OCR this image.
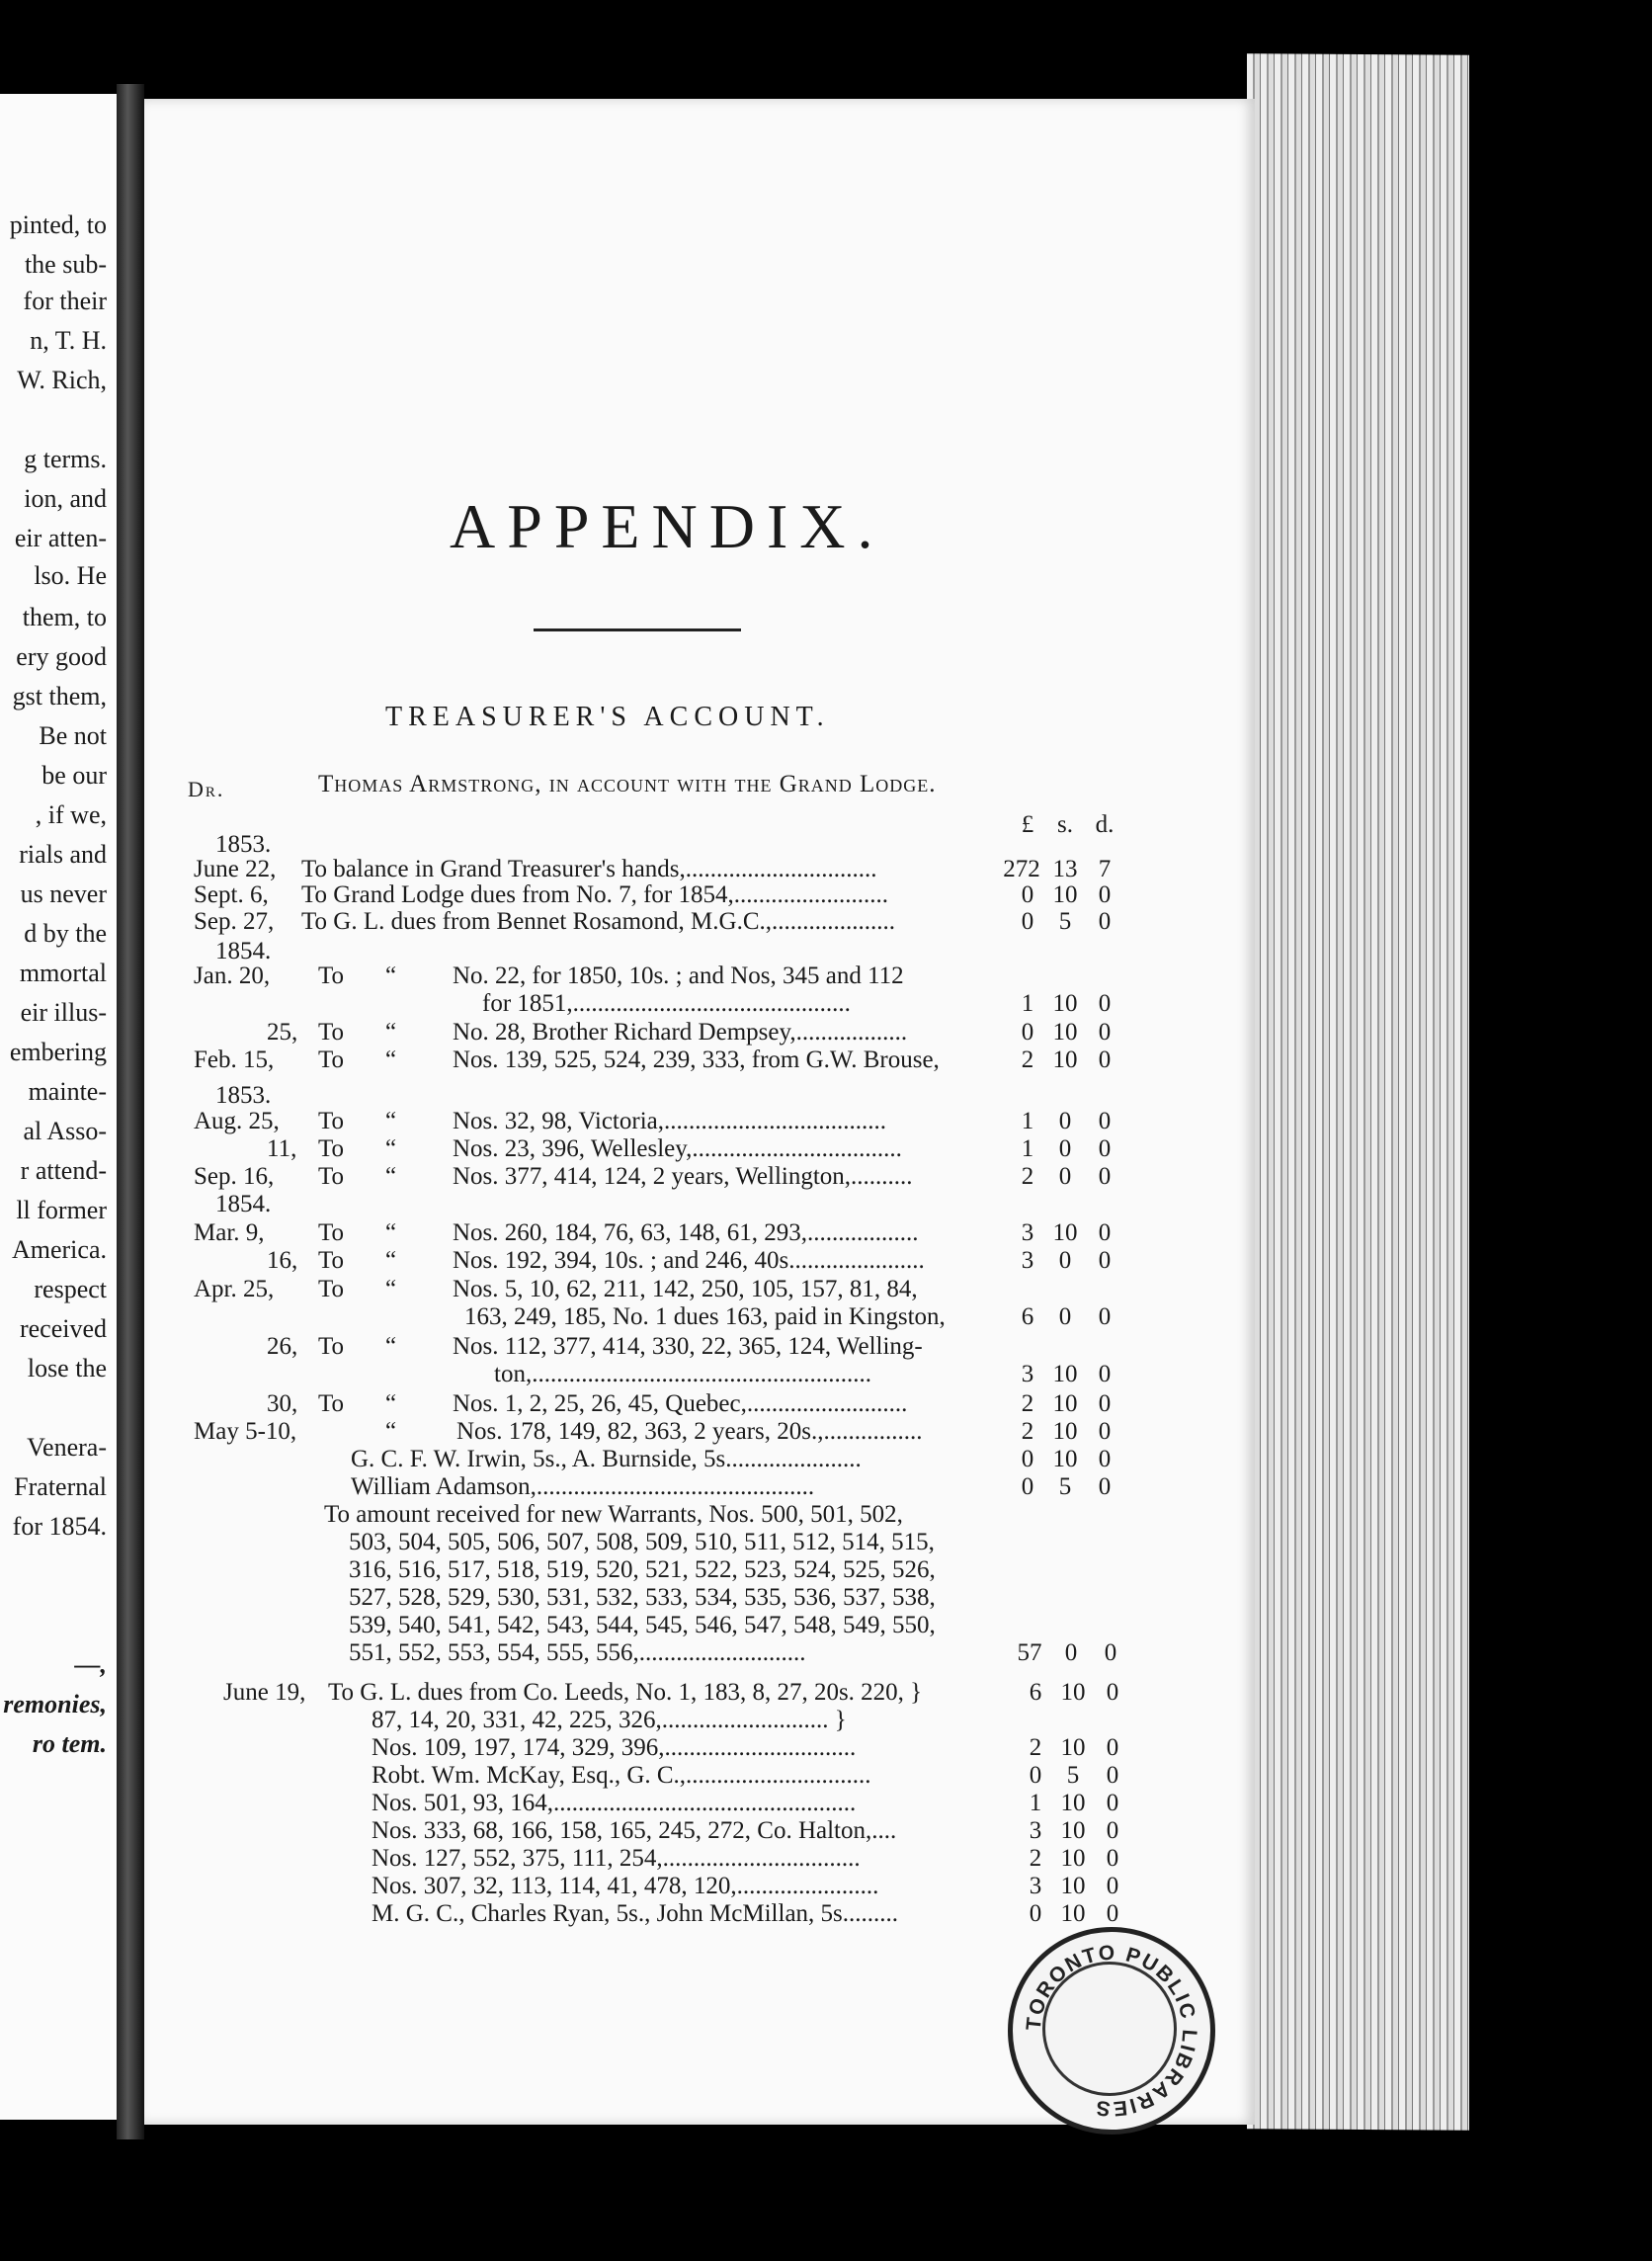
pinted, to
the sub-
for their
n, T. H.
W. Rich,
g terms.
ion, and
eir atten-
lso. He
them, to
ery good
gst them,
Be not
be our
, if we,
rials and
us never
d by the
mmortal
eir illus-
embering
mainte-
al Asso-
r attend-
ll former
America.
respect
received
lose the
Venera-
Fraternal
for 1854.
—,
remonies,
ro tem.
APPENDIX.
TREASURER'S ACCOUNT.
Dr.	Thomas Armstrong, in account with the Grand Lodge.
£ s. d.
1853.
June 22, To balance in Grand Treasurer's hands,...............................	272 13 7
Sept. 6, To Grand Lodge dues from No. 7, for 1854,.........................	0 10 0
Sep. 27, To G. L. dues from Bennet Rosamond, M.G.C.,....................	0	5	0
1854.
Jan. 20, To “ No. 22, for 1850, 10s. ; and Nos, 345 and 112
for 1851,.............................................	1 10 0
25, To “ No. 28, Brother Richard Dempsey,..................	0 10 0
Feb. 15, To “ Nos. 139, 525, 524, 239, 333, from G.W. Brouse,	2 10 0
1853.
Aug. 25, To “ Nos. 32, 98, Victoria,....................................	1	0	0
11, To “ Nos. 23, 396, Wellesley,..................................	1	0	0
Sep. 16, To “ Nos. 377, 414, 124, 2 years, Wellington,..........	2	0	0
1854.
Mar. 9, To “ Nos. 260, 184, 76, 63, 148, 61, 293,..................	3 10 0
16, To “ Nos. 192, 394, 10s. ; and 246, 40s......................	3	0	0
Apr. 25, To “ Nos. 5, 10, 62, 211, 142, 250, 105, 157, 81, 84,
163, 249, 185, No. 1 dues 163, paid in Kingston,	6	0	0
26, To “ Nos. 112, 377, 414, 330, 22, 365, 124, Welling-
ton,.......................................................	3 10 0
30, To “ Nos. 1, 2, 25, 26, 45, Quebec,..........................	2 10 0
May 5-10,	“ Nos. 178, 149, 82, 363, 2 years, 20s.,................	2 10 0
G. C. F. W. Irwin, 5s., A. Burnside, 5s......................	0 10 0
William Adamson,.............................................	0	5	0
To amount received for new Warrants, Nos. 500, 501, 502,
503, 504, 505, 506, 507, 508, 509, 510, 511, 512, 514, 515,
316, 516, 517, 518, 519, 520, 521, 522, 523, 524, 525, 526,
527, 528, 529, 530, 531, 532, 533, 534, 535, 536, 537, 538,
539, 540, 541, 542, 543, 544, 545, 546, 547, 548, 549, 550,
551, 552, 553, 554, 555, 556,...........................	57 0	0
June 19, To G. L. dues from Co. Leeds, No. 1, 183, 8, 27, 20s. 220, }	6 10 0
87, 14, 20, 331, 42, 225, 326,........................... }
Nos. 109, 197, 174, 329, 396,...............................	2 10 0
Robt. Wm. McKay, Esq., G. C.,..............................	0	5	0
Nos. 501, 93, 164,.................................................	1 10 0
Nos. 333, 68, 166, 158, 165, 245, 272, Co. Halton,....	3 10 0
Nos. 127, 552, 375, 111, 254,................................	2 10 0
Nos. 307, 32, 113, 114, 41, 478, 120,.......................	3 10 0
M. G. C., Charles Ryan, 5s., John McMillan, 5s.........	0 10 0
TORONTO PUBLIC LIBRARIES
